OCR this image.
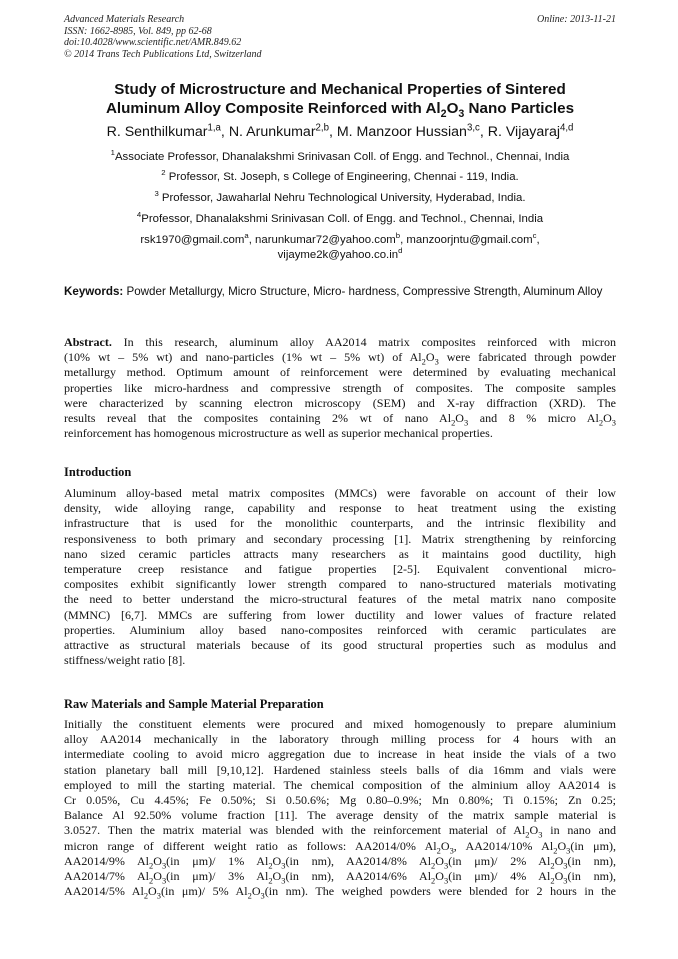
Advanced Materials Research
ISSN: 1662-8985, Vol. 849, pp 62-68
doi:10.4028/www.scientific.net/AMR.849.62
© 2014 Trans Tech Publications Ltd, Switzerland
Online: 2013-11-21
Study of Microstructure and Mechanical Properties of Sintered
Aluminum Alloy Composite Reinforced with $Al_2O_3$ Nano Particles
R. Senthilkumar$^{1,a}$, N. Arunkumar$^{2,b}$, M. Manzoor Hussian$^{3,c}$, R. Vijayaraj$^{4,d}$
$^1$Associate Professor, Dhanalakshmi Srinivasan Coll. of Engg. and Technol., Chennai, India
$^2$ Professor, St. Joseph, s College of Engineering, Chennai - 119, India.
$^3$ Professor, Jawaharlal Nehru Technological University, Hyderabad, India.
$^4$Professor, Dhanalakshmi Srinivasan Coll. of Engg. and Technol., Chennai, India
rsk1970@gmail.com$^a$, narunkumar72@yahoo.com$^b$, manzoorjntu@gmail.com$^c$,
$vijayme2k@yahoo.co.in^d$
Keywords: Powder Metallurgy, Micro Structure, Micro- hardness, Compressive Strength, Aluminum Alloy
Abstract. In this research, aluminum alloy AA2014 matrix composites reinforced with micron
(10% wt – 5% wt) and nano-particles (1% wt – 5% wt) of $Al_2O_3$ were fabricated through powder
metallurgy method. Optimum amount of reinforcement were determined by evaluating mechanical
properties like micro-hardness and compressive strength of composites. The composite samples
were characterized by scanning electron microscopy (SEM) and X-ray diffraction (XRD). The
results reveal that the composites containing 2% wt of nano $Al_2O_3$ and 8 % micro $Al_2O_3$
reinforcement has homogenous microstructure as well as superior mechanical properties.
Introduction
Aluminum alloy-based metal matrix composites (MMCs) were favorable on account of their low
density, wide alloying range, capability and response to heat treatment using the existing
infrastructure that is used for the monolithic counterparts, and the intrinsic flexibility and
responsiveness to both primary and secondary processing [1]. Matrix strengthening by reinforcing
nano sized ceramic particles attracts many researchers as it maintains good ductility, high
temperature creep resistance and fatigue properties [2-5]. Equivalent conventional micro-
composites exhibit significantly lower strength compared to nano-structured materials motivating
the need to better understand the micro-structural features of the metal matrix nano composite
(MMNC) [6,7]. MMCs are suffering from lower ductility and lower values of fracture related
properties. Aluminium alloy based nano-composites reinforced with ceramic particulates are
attractive as structural materials because of its good structural properties such as modulus and
stiffness/weight ratio [8].
Raw Materials and Sample Material Preparation
Initially the constituent elements were procured and mixed homogenously to prepare aluminium
alloy AA2014 mechanically in the laboratory through milling process for 4 hours with an
intermediate cooling to avoid micro aggregation due to increase in heat inside the vials of a two
station planetary ball mill [9,10,12]. Hardened stainless steels balls of dia 16mm and vials were
employed to mill the starting material. The chemical composition of the alminium alloy AA2014 is
Cr 0.05%, Cu 4.45%; Fe 0.50%; Si 0.50.6%; Mg 0.80–0.9%; Mn 0.80%; Ti 0.15%; Zn 0.25;
Balance Al 92.50% volume fraction [11]. The average density of the matrix sample material is
3.0527. Then the matrix material was blended with the reinforcement material of $Al_2O_3$ in nano and
micron range of different weight ratio as follows: AA2014/0% $Al_2O_3$, AA2014/10% $Al_2O_3(in$ μm),
AA2014/9% $Al_2O_3(in$ μm)/ 1% $Al_2O_3(in$ nm), AA2014/8% $Al_2O_3(in$ μm)/ 2% $Al_2O_3(in$ nm),
AA2014/7% $Al_2O_3(in$ μm)/ 3% $Al_2O_3(in$ nm), AA2014/6% $Al_2O_3(in$ μm)/ 4% $Al_2O_3(in$ nm),
AA2014/5% $Al_2O_3(in$ μm)/ 5% $Al_2O_3(in$ nm). The weighed powders were blended for 2 hours in the
